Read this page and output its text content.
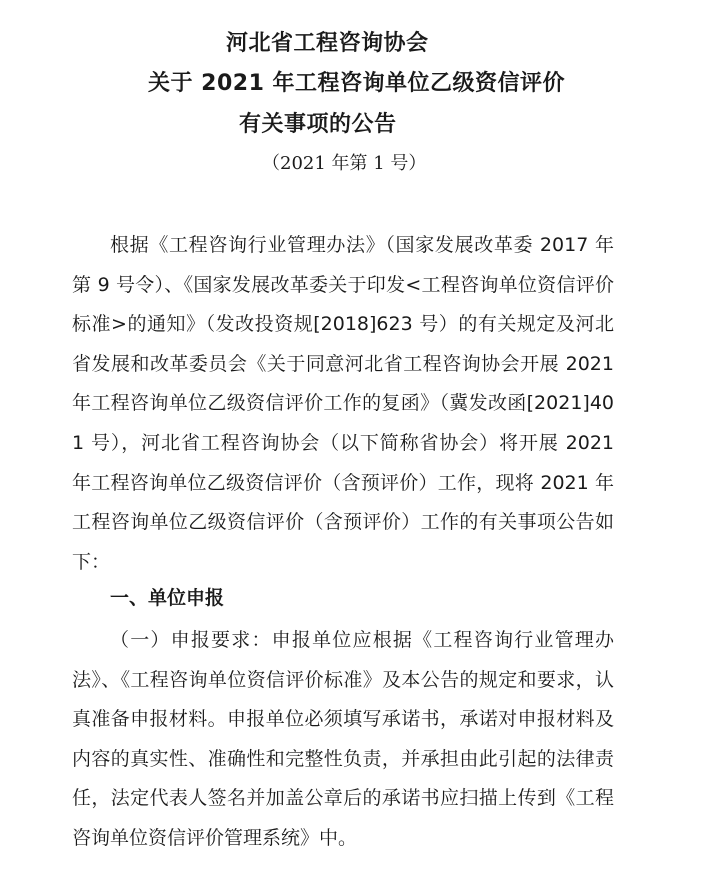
河北省工程咨询协会
关于 2021 年工程咨询单位乙级资信评价
有关事项的公告
（2021 年第 1 号）

根据《工程咨询行业管理办法》（国家发展改革委 2017 年第 9 号令）、《国家发展改革委关于印发<工程咨询单位资信评价标准>的通知》（发改投资规[2018]623 号）的有关规定及河北省发展和改革委员会《关于同意河北省工程咨询协会开展 2021 年工程咨询单位乙级资信评价工作的复函》（冀发改函[2021]401 号），河北省工程咨询协会（以下简称省协会）将开展 2021 年工程咨询单位乙级资信评价（含预评价）工作，现将 2021 年工程咨询单位乙级资信评价（含预评价）工作的有关事项公告如下：

一、单位申报

（一）申报要求：申报单位应根据《工程咨询行业管理办法》、《工程咨询单位资信评价标准》及本公告的规定和要求，认真准备申报材料。申报单位必须填写承诺书，承诺对申报材料及内容的真实性、准确性和完整性负责，并承担由此引起的法律责任，法定代表人签名并加盖公章后的承诺书应扫描上传到《工程咨询单位资信评价管理系统》中。
